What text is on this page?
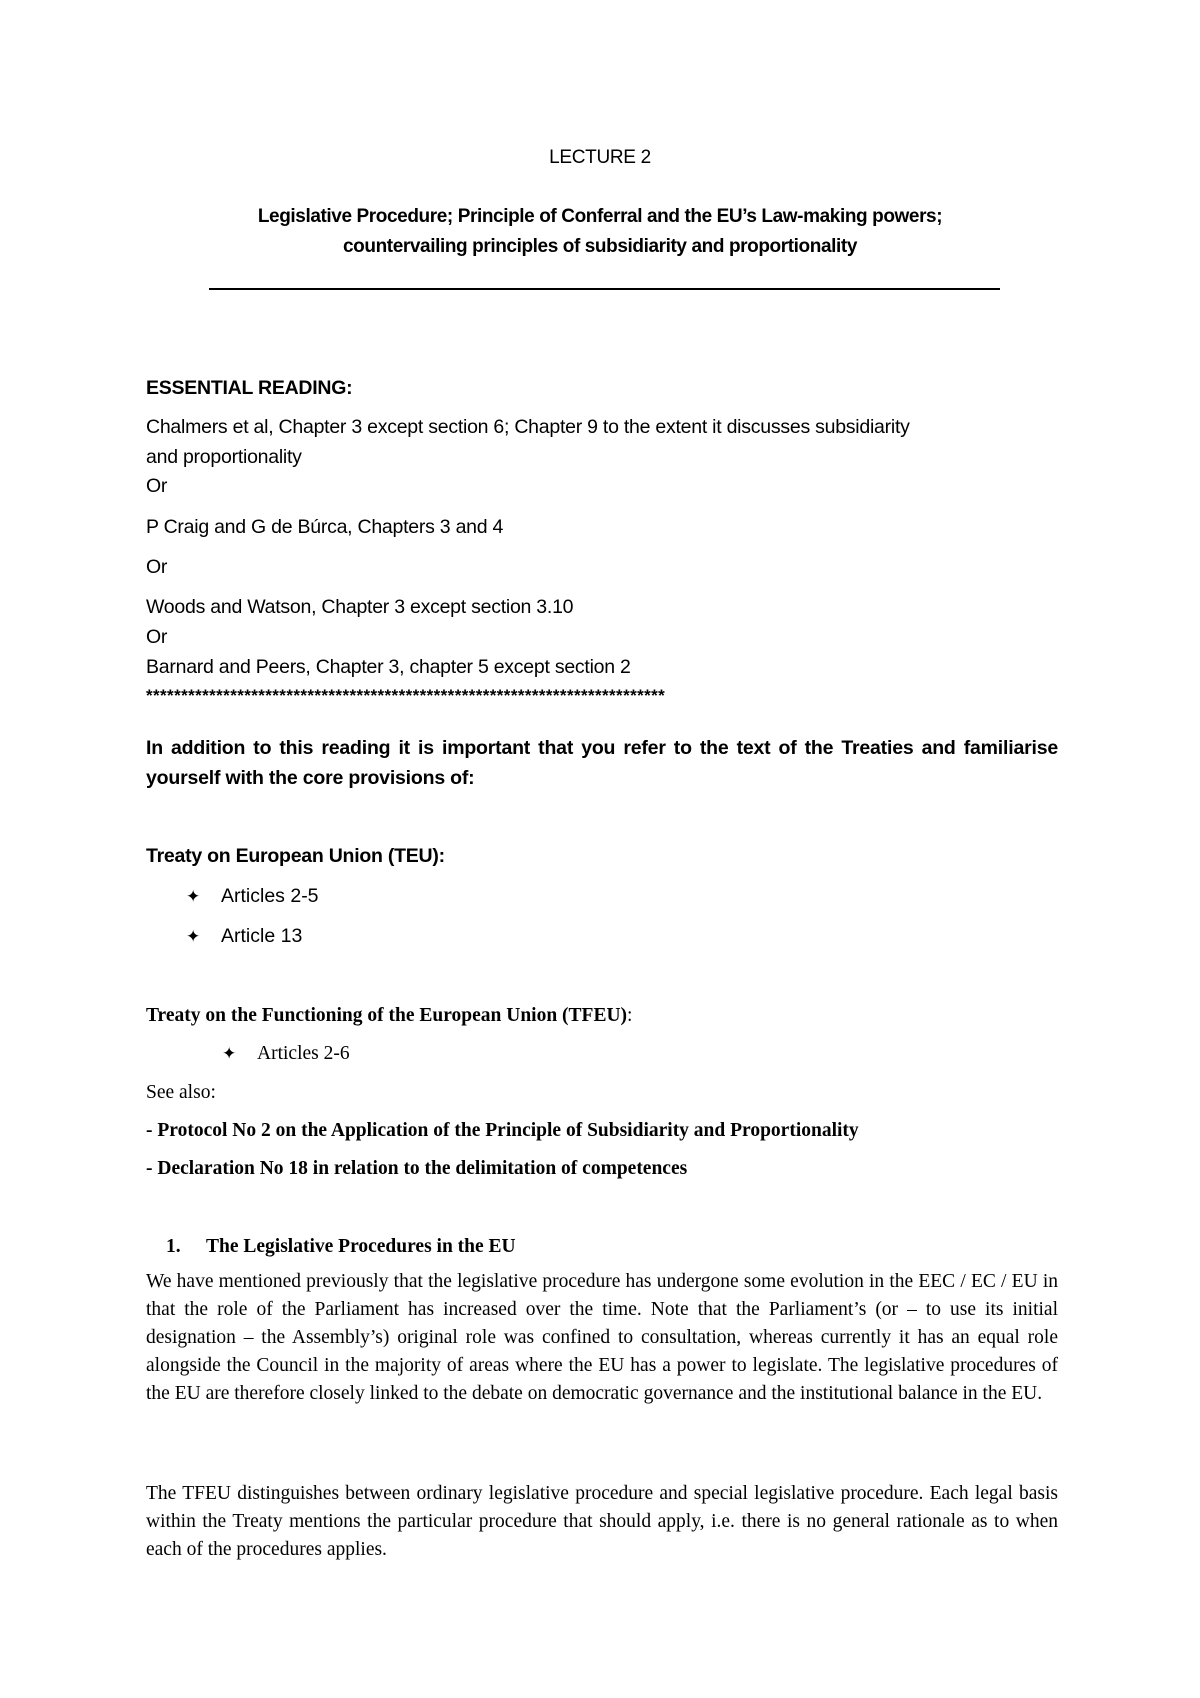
LECTURE 2

Legislative Procedure; Principle of Conferral and the EU’s Law-making powers;

countervailing principles of subsidiarity and proportionality

ESSENTIAL READING:

Chalmers et al, Chapter 3 except section 6; Chapter 9 to the extent it discusses subsidiarity

and proportionality

Or

P Craig and G de Búrca, Chapters 3 and 4

Or

Woods and Watson, Chapter 3 except section 3.10

Or

Barnard and Peers, Chapter 3, chapter 5 except section 2

**************************************************************************

In addition to this reading it is important that you refer to the text of the Treaties and familiarise yourself with the core provisions of:

Treaty on European Union (TEU):

✦ Articles 2-5
✦ Article 13

Treaty on the Functioning of the European Union (TFEU):

✦ Articles 2-6

See also:

- Protocol No 2 on the Application of the Principle of Subsidiarity and Proportionality

- Declaration No 18 in relation to the delimitation of competences

1. The Legislative Procedures in the EU

We have mentioned previously that the legislative procedure has undergone some evolution in the EEC / EC / EU in that the role of the Parliament has increased over the time. Note that the Parliament’s (or – to use its initial designation – the Assembly’s) original role was confined to consultation, whereas currently it has an equal role alongside the Council in the majority of areas where the EU has a power to legislate. The legislative procedures of the EU are therefore closely linked to the debate on democratic governance and the institutional balance in the EU.

The TFEU distinguishes between ordinary legislative procedure and special legislative procedure. Each legal basis within the Treaty mentions the particular procedure that should apply, i.e. there is no general rationale as to when each of the procedures applies.
